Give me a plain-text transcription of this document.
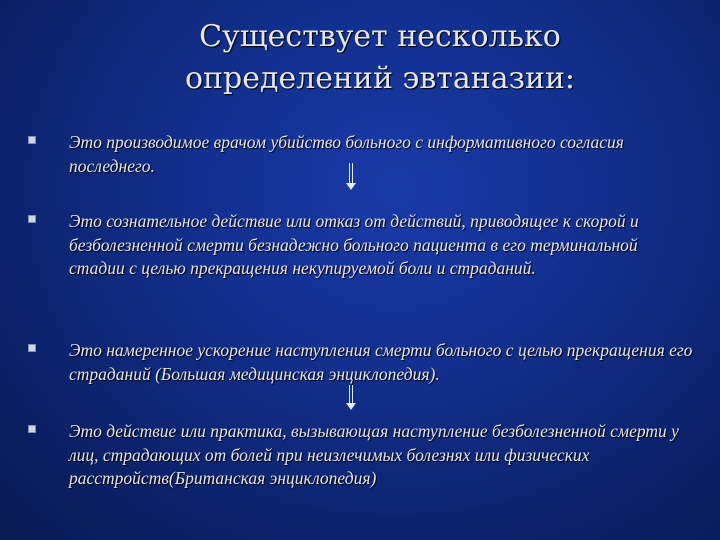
Существует несколько
определений эвтаназии:
Это производимое врачом убийство больного с информативного согласия последнего.
Это сознательное действие или отказ от действий, приводящее к скорой и безболезненной смерти безнадежно больного пациента в его терминальной стадии с целью прекращения некупируемой боли и страданий.
Это намеренное ускорение наступления смерти больного с целью прекращения его страданий (Большая медицинская энциклопедия).
Это действие или практика, вызывающая наступление безболезненной смерти у лиц, страдающих от болей при неизлечимых болезнях или физических расстройств(Британская энциклопедия)
